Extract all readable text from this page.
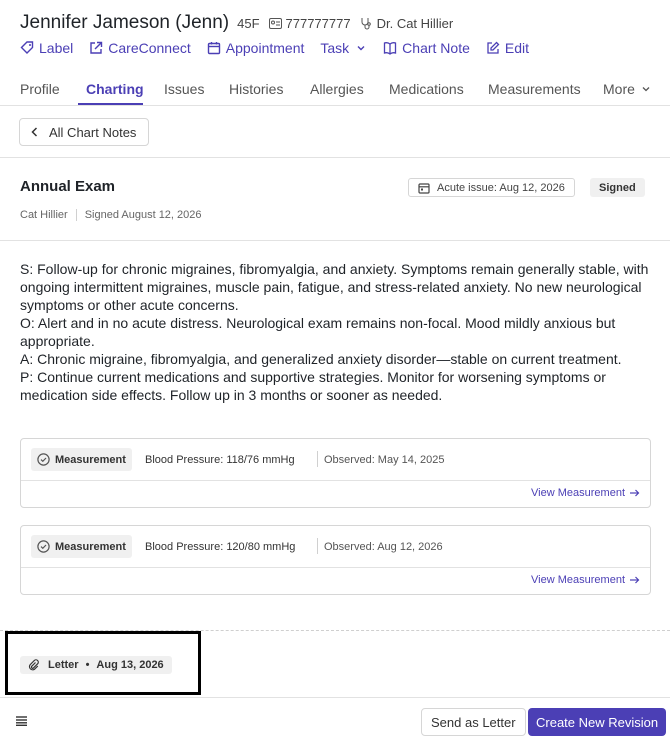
Jennifer Jameson (Jenn) 45F 777777777 Dr. Cat Hillier
Label	CareConnect	Appointment Task	Chart Note	Edit
Profile Charting Issues Histories Allergies Medications Measurements More
All Chart Notes
Annual Exam
Cat Hillier Signed August 12, 2026
Acute issue: Aug 12, 2026	Signed
S: Follow-up for chronic migraines, fibromyalgia, and anxiety. Symptoms remain generally stable, with ongoing intermittent migraines, muscle pain, fatigue, and stress-related anxiety. No new neurological symptoms or other acute concerns.
O: Alert and in no acute distress. Neurological exam remains non-focal. Mood mildly anxious but appropriate.
A: Chronic migraine, fibromyalgia, and generalized anxiety disorder—stable on current treatment.
P: Continue current medications and supportive strategies. Monitor for worsening symptoms or medication side effects. Follow up in 3 months or sooner as needed.
Measurement Blood Pressure: 118/76 mmHg	Observed: May 14, 2025
View Measurement
Measurement Blood Pressure: 120/80 mmHg	Observed: Aug 12, 2026
View Measurement
Letter • Aug 13, 2026
Send as Letter	Create New Revision
